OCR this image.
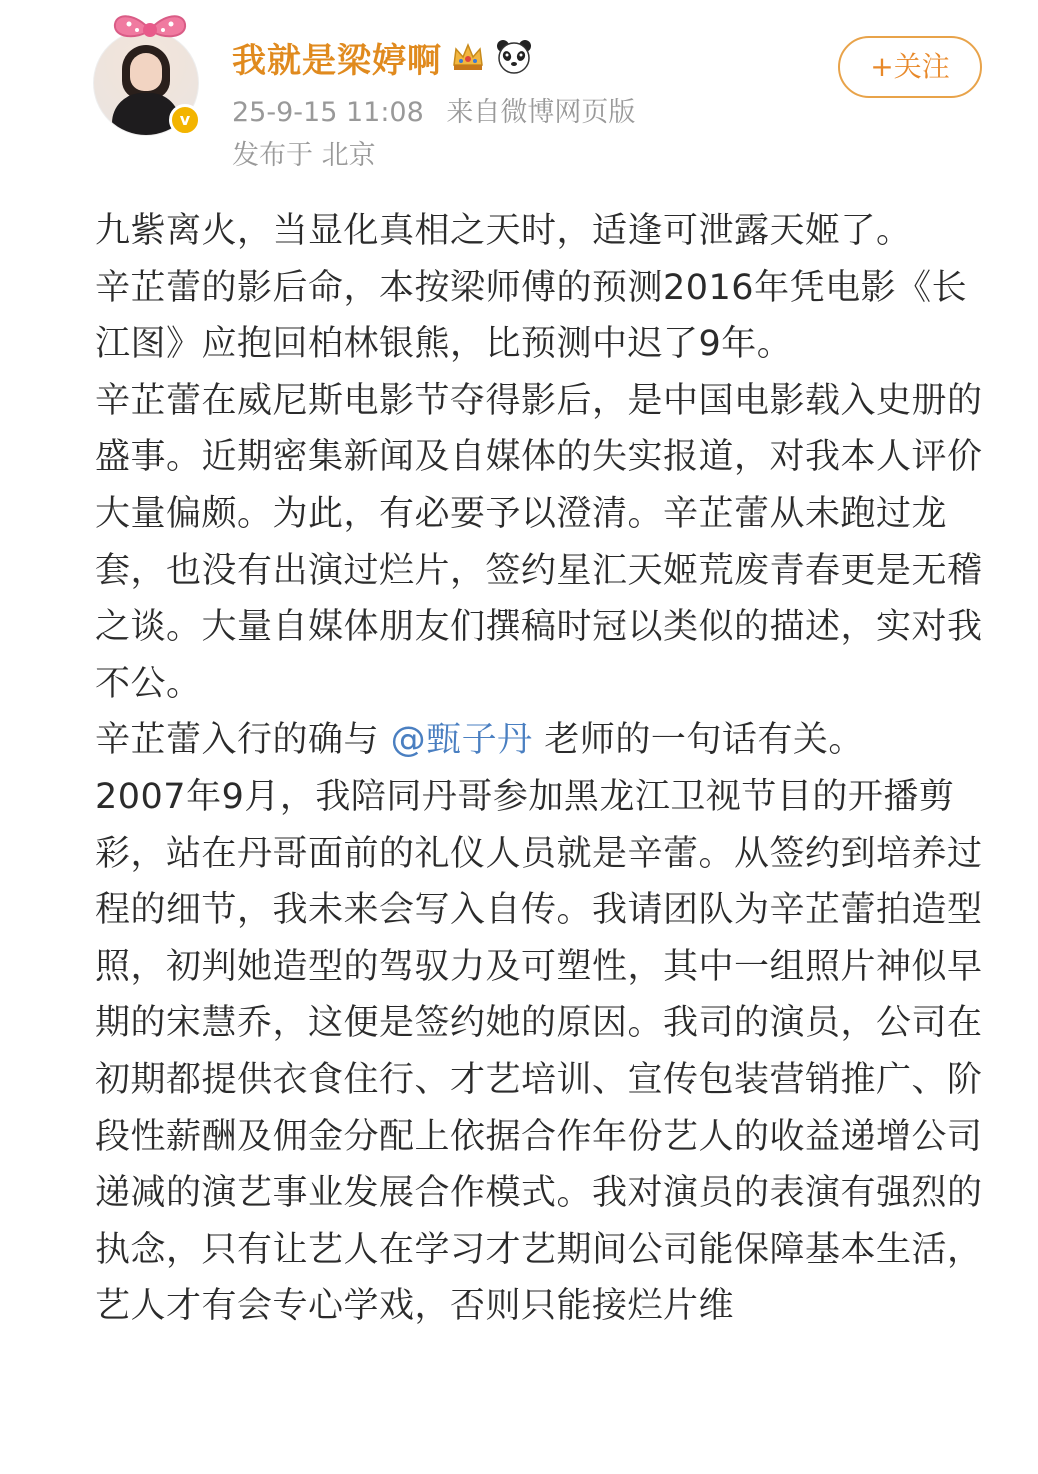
v
我就是梁婷啊
25-9-15 11:08 来自微博网页版
发布于 北京
+关注

九紫离火，当显化真相之天时，适逢可泄露天姬了。

辛芷蕾的影后命，本按梁师傅的预测2016年凭电影《长江图》应抱回柏林银熊，比预测中迟了9年。

辛芷蕾在威尼斯电影节夺得影后，是中国电影载入史册的盛事。近期密集新闻及自媒体的失实报道，对我本人评价大量偏颇。为此，有必要予以澄清。辛芷蕾从未跑过龙套，也没有出演过烂片，签约星汇天姬荒废青春更是无稽之谈。大量自媒体朋友们撰稿时冠以类似的描述，实对我不公。

辛芷蕾入行的确与 @甄子丹 老师的一句话有关。

2007年9月，我陪同丹哥参加黑龙江卫视节目的开播剪彩，站在丹哥面前的礼仪人员就是辛蕾。从签约到培养过程的细节，我未来会写入自传。我请团队为辛芷蕾拍造型照，初判她造型的驾驭力及可塑性，其中一组照片神似早期的宋慧乔，这便是签约她的原因。我司的演员，公司在初期都提供衣食住行、才艺培训、宣传包装营销推广、阶段性薪酬及佣金分配上依据合作年份艺人的收益递增公司递减的演艺事业发展合作模式。我对演员的表演有强烈的执念，只有让艺人在学习才艺期间公司能保障基本生活，艺人才有会专心学戏，否则只能接烂片维
